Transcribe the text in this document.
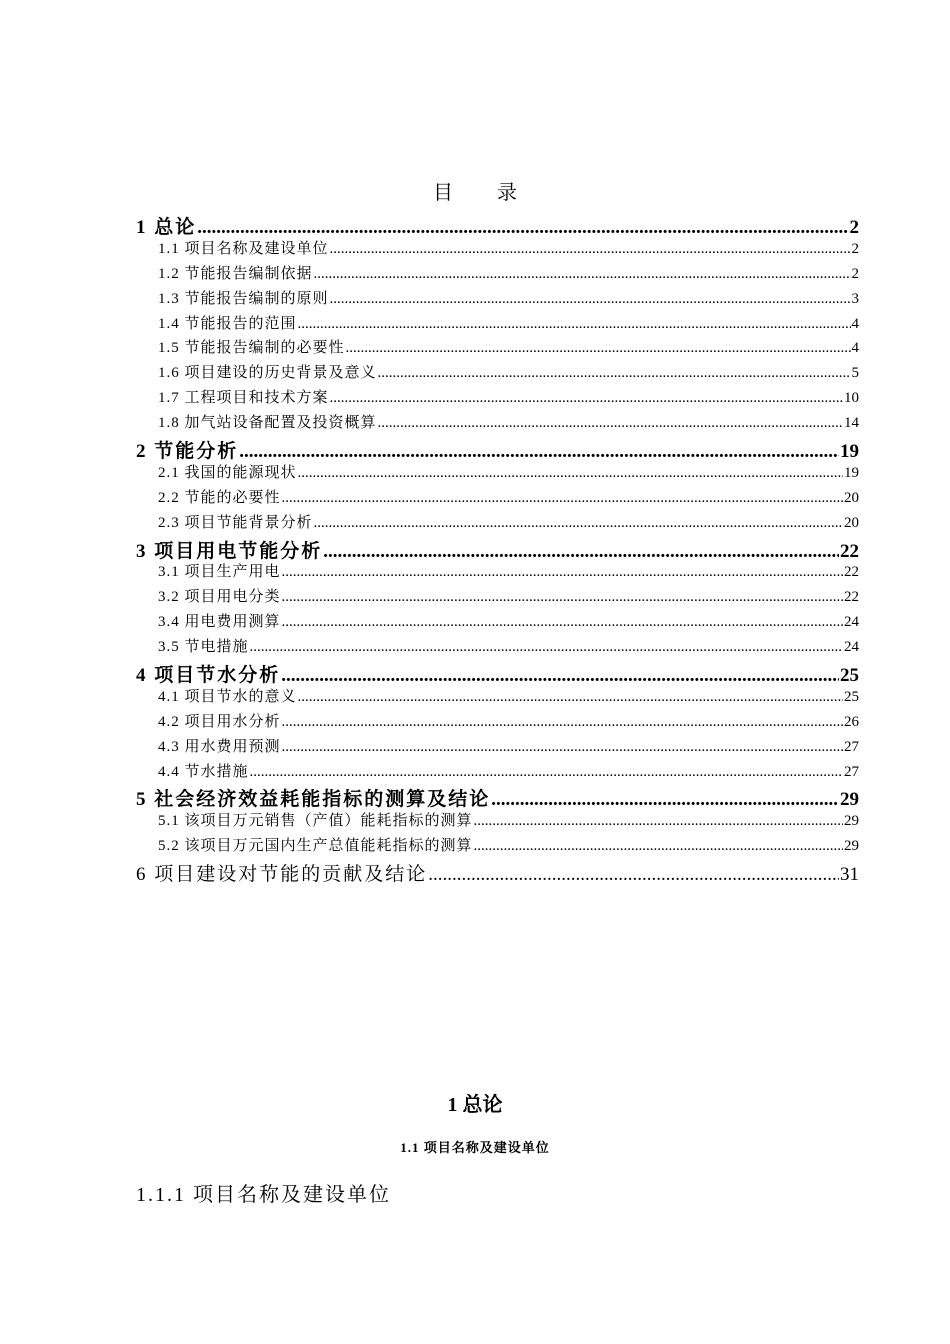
目录
1 总论 .....	2
1.1 项目名称及建设单位 .....	2
1.2 节能报告编制依据 .....	2
1.3 节能报告编制的原则 .....	3
1.4 节能报告的范围 .....	4
1.5 节能报告编制的必要性 .....	4
1.6 项目建设的历史背景及意义 .....	5
1.7 工程项目和技术方案 .....	10
1.8 加气站设备配置及投资概算 .....	14
2 节能分析 .....	19
2.1 我国的能源现状 .....	19
2.2 节能的必要性 .....	20
2.3 项目节能背景分析 .....	20
3 项目用电节能分析 .....	22
3.1 项目生产用电 .....	22
3.2 项目用电分类 .....	22
3.4 用电费用测算 .....	24
3.5 节电措施 .....	24
4 项目节水分析 .....	25
4.1 项目节水的意义 .....	25
4.2 项目用水分析 .....	26
4.3 用水费用预测 .....	27
4.4 节水措施 .....	27
5 社会经济效益耗能指标的测算及结论 .....	29
5.1 该项目万元销售（产值）能耗指标的测算 .....	29
5.2 该项目万元国内生产总值能耗指标的测算 .....	29
6 项目建设对节能的贡献及结论 .....	31
1 总论
1.1 项目名称及建设单位
1.1.1 项目名称及建设单位
